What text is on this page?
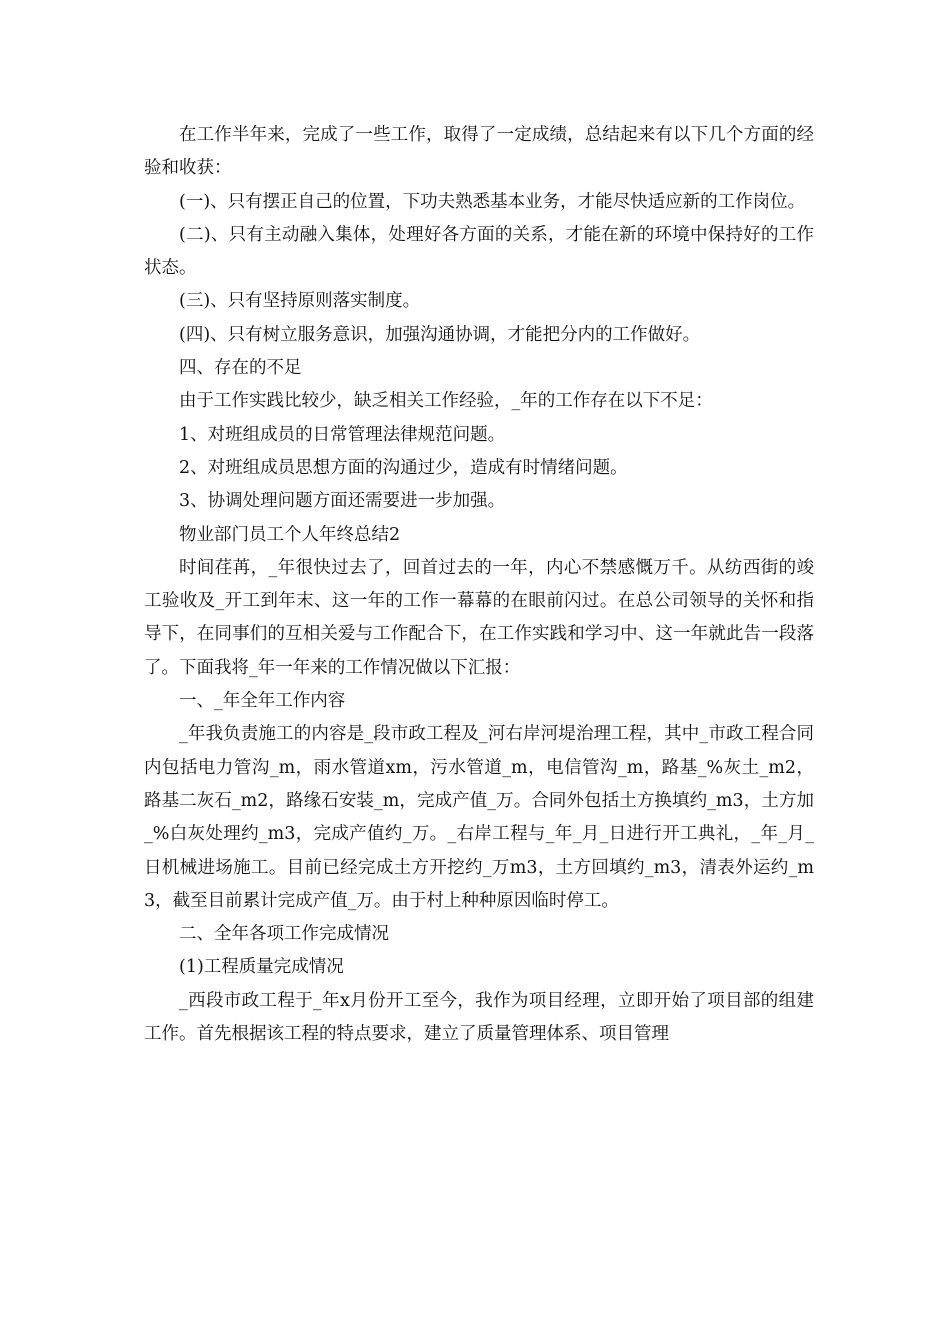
在工作半年来，完成了一些工作，取得了一定成绩，总结起来有以下几个方面的经验和收获：

(一)、只有摆正自己的位置，下功夫熟悉基本业务，才能尽快适应新的工作岗位。

(二)、只有主动融入集体，处理好各方面的关系，才能在新的环境中保持好的工作状态。

(三)、只有坚持原则落实制度。

(四)、只有树立服务意识，加强沟通协调，才能把分内的工作做好。

四、存在的不足

由于工作实践比较少，缺乏相关工作经验，_年的工作存在以下不足：

1、对班组成员的日常管理法律规范问题。

2、对班组成员思想方面的沟通过少，造成有时情绪问题。

3、协调处理问题方面还需要进一步加强。

物业部门员工个人年终总结2

时间荏苒，_年很快过去了，回首过去的一年，内心不禁感慨万千。从纺西街的竣工验收及_开工到年末、这一年的工作一幕幕的在眼前闪过。在总公司领导的关怀和指导下，在同事们的互相关爱与工作配合下，在工作实践和学习中、这一年就此告一段落了。下面我将_年一年来的工作情况做以下汇报：

一、_年全年工作内容

_年我负责施工的内容是_段市政工程及_河右岸河堤治理工程，其中_市政工程合同内包括电力管沟_m，雨水管道xm，污水管道_m，电信管沟_m，路基_%灰土_m2，路基二灰石_m2，路缘石安装_m，完成产值_万。合同外包括土方换填约_m3，土方加_%白灰处理约_m3，完成产值约_万。_右岸工程与_年_月_日进行开工典礼，_年_月_日机械进场施工。目前已经完成土方开挖约_万m3，土方回填约_m3，清表外运约_m3，截至目前累计完成产值_万。由于村上种种原因临时停工。

二、全年各项工作完成情况

(1)工程质量完成情况

_西段市政工程于_年x月份开工至今，我作为项目经理，立即开始了项目部的组建工作。首先根据该工程的特点要求，建立了质量管理体系、项目管理
